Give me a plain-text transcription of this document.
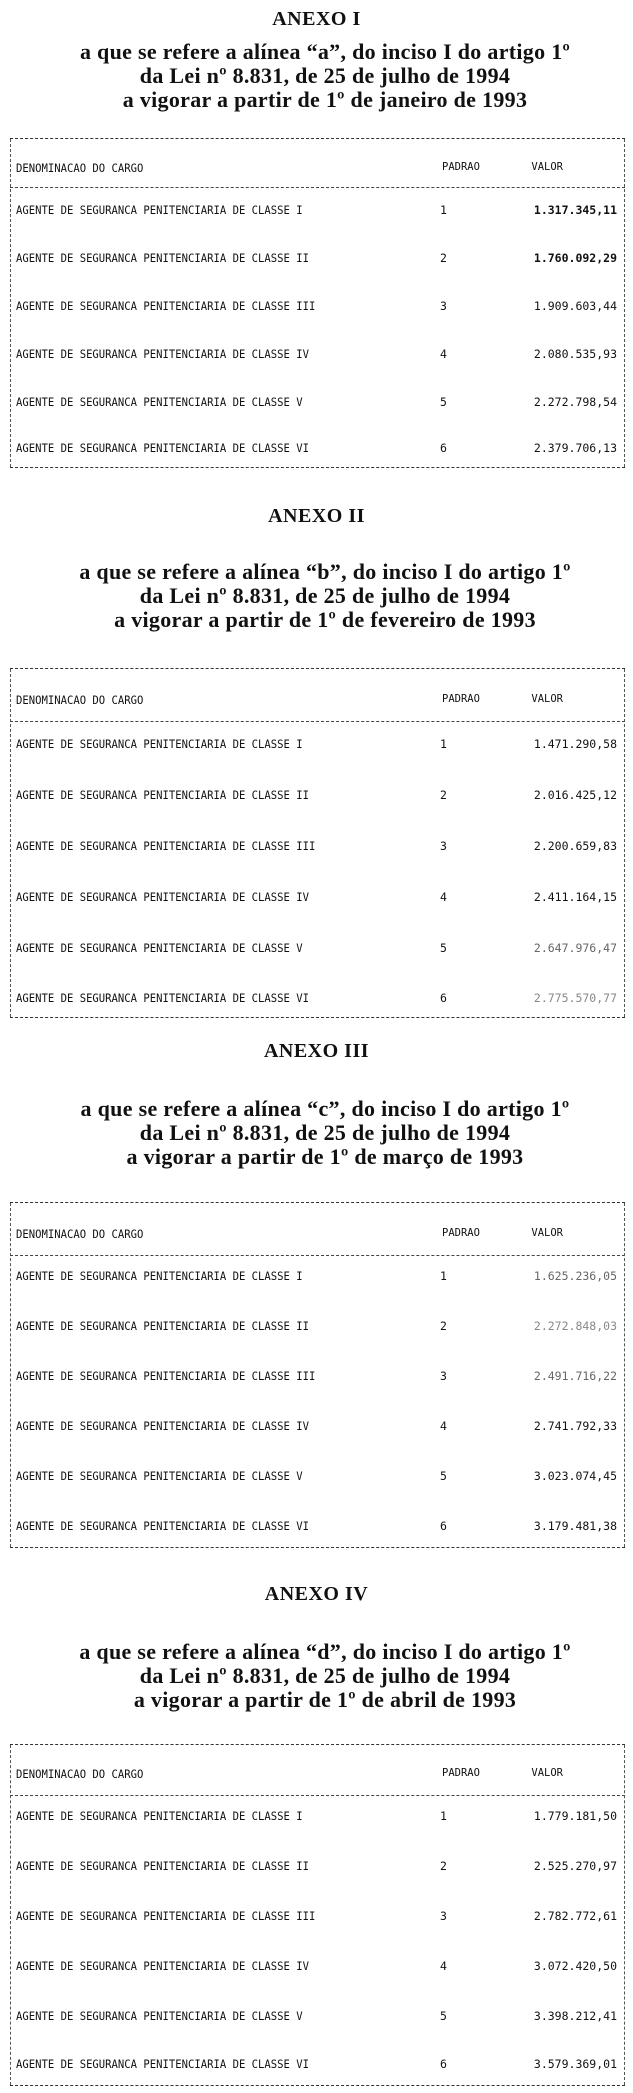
ANEXO I
a que se refere a alínea “a”, do inciso I do artigo 1º
da Lei nº 8.831, de 25 de julho de 1994
a vigorar a partir de 1º de janeiro de 1993
DENOMINACAO DO CARGO	PADRAO	VALOR
AGENTE DE SEGURANCA PENITENCIARIA DE CLASSE I	1	1.317.345,11
AGENTE DE SEGURANCA PENITENCIARIA DE CLASSE II	2	1.760.092,29
AGENTE DE SEGURANCA PENITENCIARIA DE CLASSE III	3	1.909.603,44
AGENTE DE SEGURANCA PENITENCIARIA DE CLASSE IV	4	2.080.535,93
AGENTE DE SEGURANCA PENITENCIARIA DE CLASSE V	5	2.272.798,54
AGENTE DE SEGURANCA PENITENCIARIA DE CLASSE VI	6	2.379.706,13
ANEXO II
a que se refere a alínea “b”, do inciso I do artigo 1º
da Lei nº 8.831, de 25 de julho de 1994
a vigorar a partir de 1º de fevereiro de 1993
DENOMINACAO DO CARGO	PADRAO	VALOR
AGENTE DE SEGURANCA PENITENCIARIA DE CLASSE I	1	1.471.290,58
AGENTE DE SEGURANCA PENITENCIARIA DE CLASSE II	2	2.016.425,12
AGENTE DE SEGURANCA PENITENCIARIA DE CLASSE III	3	2.200.659,83
AGENTE DE SEGURANCA PENITENCIARIA DE CLASSE IV	4	2.411.164,15
AGENTE DE SEGURANCA PENITENCIARIA DE CLASSE V	5	2.647.976,47
AGENTE DE SEGURANCA PENITENCIARIA DE CLASSE VI	6	2.775.570,77
ANEXO III
a que se refere a alínea “c”, do inciso I do artigo 1º
da Lei nº 8.831, de 25 de julho de 1994
a vigorar a partir de 1º de março de 1993
DENOMINACAO DO CARGO	PADRAO	VALOR
AGENTE DE SEGURANCA PENITENCIARIA DE CLASSE I	1	1.625.236,05
AGENTE DE SEGURANCA PENITENCIARIA DE CLASSE II	2	2.272.848,03
AGENTE DE SEGURANCA PENITENCIARIA DE CLASSE III	3	2.491.716,22
AGENTE DE SEGURANCA PENITENCIARIA DE CLASSE IV	4	2.741.792,33
AGENTE DE SEGURANCA PENITENCIARIA DE CLASSE V	5	3.023.074,45
AGENTE DE SEGURANCA PENITENCIARIA DE CLASSE VI	6	3.179.481,38
ANEXO IV
a que se refere a alínea “d”, do inciso I do artigo 1º
da Lei nº 8.831, de 25 de julho de 1994
a vigorar a partir de 1º de abril de 1993
DENOMINACAO DO CARGO	PADRAO	VALOR
AGENTE DE SEGURANCA PENITENCIARIA DE CLASSE I	1	1.779.181,50
AGENTE DE SEGURANCA PENITENCIARIA DE CLASSE II	2	2.525.270,97
AGENTE DE SEGURANCA PENITENCIARIA DE CLASSE III	3	2.782.772,61
AGENTE DE SEGURANCA PENITENCIARIA DE CLASSE IV	4	3.072.420,50
AGENTE DE SEGURANCA PENITENCIARIA DE CLASSE V	5	3.398.212,41
AGENTE DE SEGURANCA PENITENCIARIA DE CLASSE VI	6	3.579.369,01
